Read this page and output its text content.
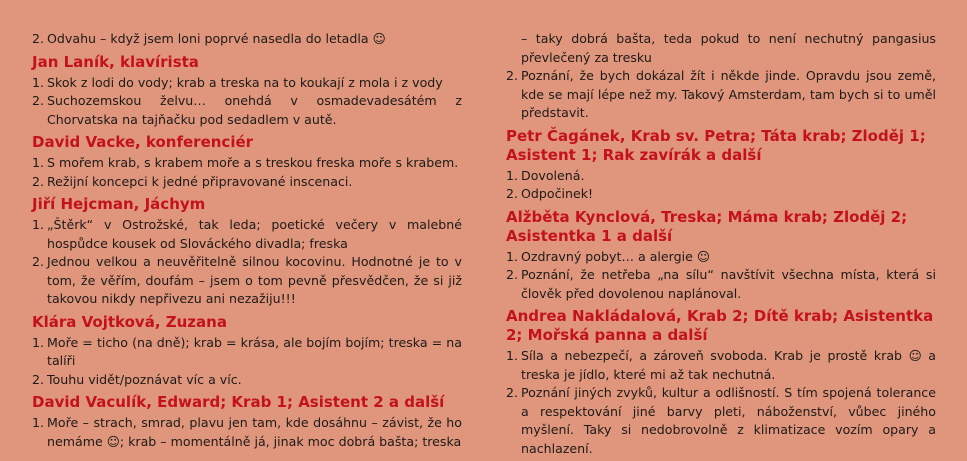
2. Odvahu – když jsem loni poprvé nasedla do letadla ☺
Jan Laník, klavírista
1. Skok z lodi do vody; krab a treska na to koukají z mola i z vody
2. Suchozemskou želvu… onehdá v osmadevadesátém z Chorvatska na tajňačku pod sedadlem v autě.
David Vacke, konferenciér
1. S mořem krab, s krabem moře a s treskou freska moře s krabem.
2. Režijní koncepci k jedné připravované inscenaci.
Jiří Hejcman, Jáchym
1. „Štěrk“ v Ostrožské, tak leda; poetické večery v malebné hospůdce kousek od Slováckého divadla; freska
2. Jednou velkou a neuvěřitelně silnou kocovinu. Hodnotné je to v tom, že věřím, doufám – jsem o tom pevně přesvědčen, že si již takovou nikdy nepřivezu ani nezažiju!!!
Klára Vojtková, Zuzana
1. Moře = ticho (na dně); krab = krása, ale bojím bojím; treska = na talíři
2. Touhu vidět/poznávat víc a víc.
David Vaculík, Edward; Krab 1; Asistent 2 a další
1. Moře – strach, smrad, plavu jen tam, kde dosáhnu – závist, že ho nemáme ☺; krab – momentálně já, jinak moc dobrá bašta; treska
– taky dobrá bašta, teda pokud to není nechutný pangasius převlečený za tresku
2. Poznání, že bych dokázal žít i někde jinde. Opravdu jsou země, kde se mají lépe než my. Takový Amsterdam, tam bych si to uměl představit.
Petr Čagánek, Krab sv. Petra; Táta krab; Zloděj 1; Asistent 1; Rak zavírák a další
1. Dovolená.
2. Odpočinek!
Alžběta Kynclová, Treska; Máma krab; Zloděj 2; Asistentka 1 a další
1. Ozdravný pobyt… a alergie ☺
2. Poznání, že netřeba „na sílu“ navštívit všechna místa, která si člověk před dovolenou naplánoval.
Andrea Nakládalová, Krab 2; Dítě krab; Asistentka 2; Mořská panna a další
1. Síla a nebezpečí, a zároveň svoboda. Krab je prostě krab ☺ a treska je jídlo, které mi až tak nechutná.
2. Poznání jiných zvyků, kultur a odlišností. S tím spojená tolerance a respektování jiné barvy pleti, náboženství, vůbec jiného myšlení. Taky si nedobrovolně z klimatizace vozím opary a nachlazení.
